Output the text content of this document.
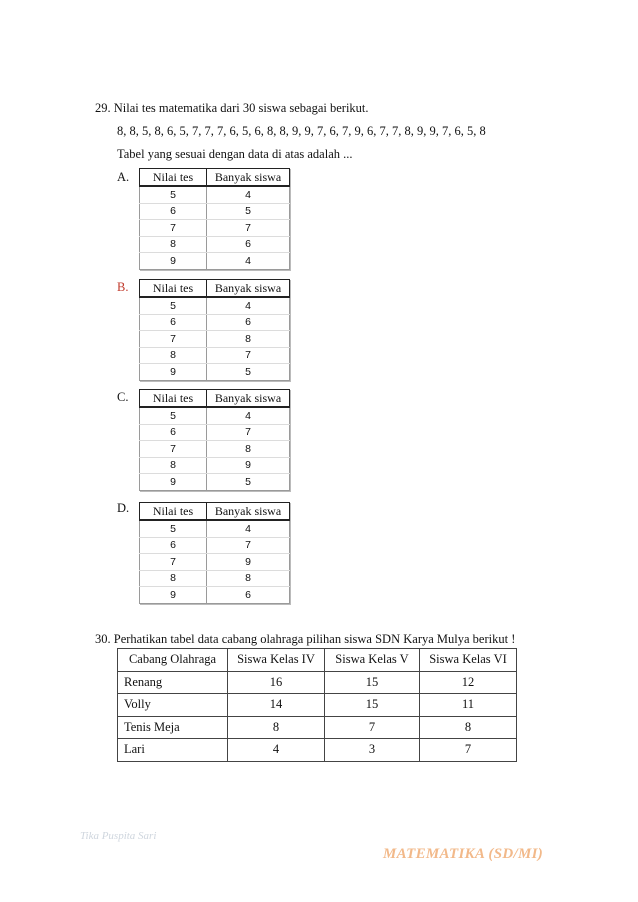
29. Nilai tes matematika dari 30 siswa sebagai berikut.
8, 8, 5, 8, 6, 5, 7, 7, 7, 6, 5, 6, 8, 8, 9, 9, 7, 6, 7, 9, 6, 7, 7, 8, 9, 9, 7, 6, 5, 8
Tabel yang sesuai dengan data di atas adalah ...
A. Nilai tes	Banyak siswa
5	4
6	5
7	7
8	6
9	4
B. Nilai tes	Banyak siswa
5	4
6	6
7	8
8	7
9	5
C. Nilai tes	Banyak siswa
5	4
6	7
7	8
8	9
9	5
D. Nilai tes	Banyak siswa
5	4
6	7
7	9
8	8
9	6
30. Perhatikan tabel data cabang olahraga pilihan siswa SDN Karya Mulya berikut !
Cabang Olahraga	Siswa Kelas IV	Siswa Kelas V	Siswa Kelas VI
Renang	16	15	12
Volly	14	15	11
Tenis Meja	8	7	8
Lari	4	3	7
Tika Puspita Sari
MATEMATIKA (SD/MI)
